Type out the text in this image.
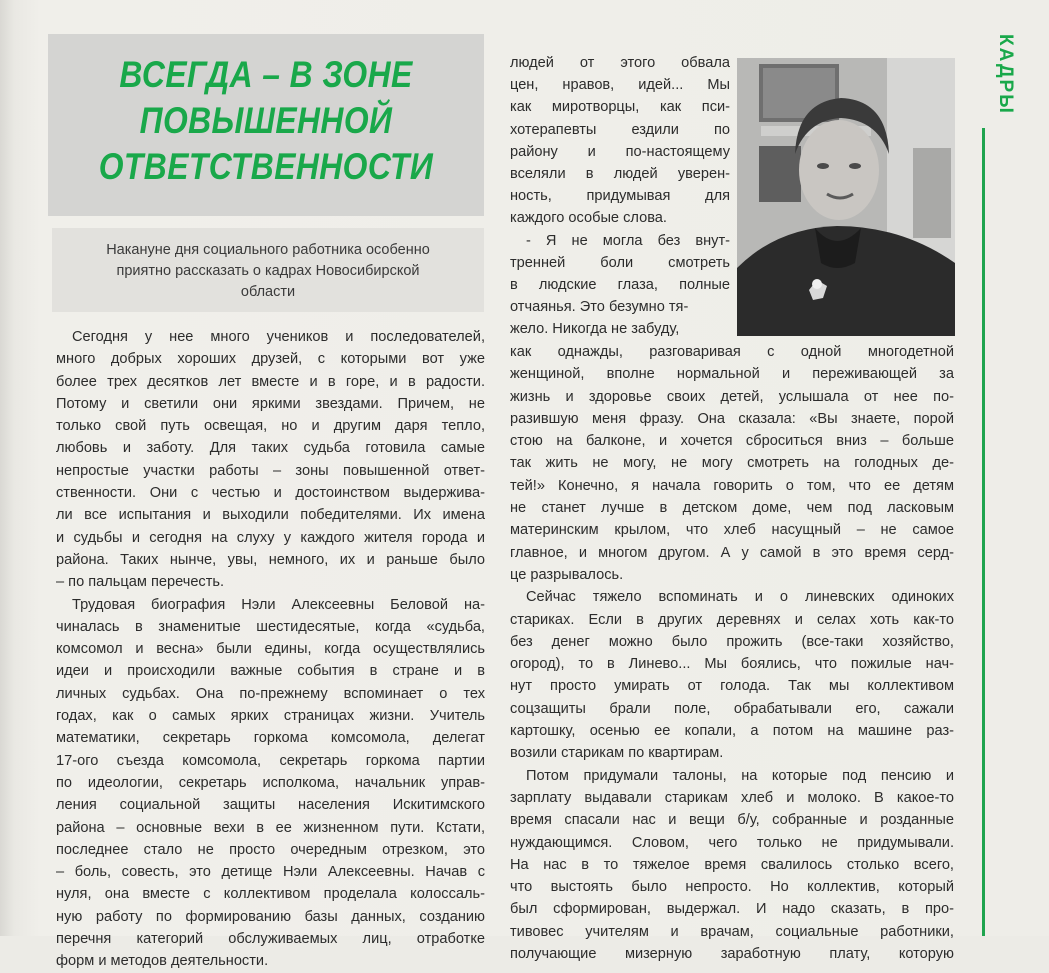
ВСЕГДА – В ЗОНЕ
ПОВЫШЕННОЙ
ОТВЕТСТВЕННОСТИ

Накануне дня социального работника особенно
приятно рассказать о кадрах Новосибирской
области

Сегодня у нее много учеников и последователей,
много добрых хороших друзей, с которыми вот уже
более трех десятков лет вместе и в горе, и в радости.
Потому и светили они яркими звездами. Причем, не
только свой путь освещая, но и другим даря тепло,
любовь и заботу. Для таких судьба готовила самые
непростые участки работы – зоны повышенной ответ-
ственности. Они с честью и достоинством выдержива-
ли все испытания и выходили победителями. Их имена
и судьбы и сегодня на слуху у каждого жителя города и
района. Таких нынче, увы, немного, их и раньше было
– по пальцам перечесть.
Трудовая биография Нэли Алексеевны Беловой на-
чиналась в знаменитые шестидесятые, когда «судьба,
комсомол и весна» были едины, когда осуществлялись
идеи и происходили важные события в стране и в
личных судьбах. Она по-прежнему вспоминает о тех
годах, как о самых ярких страницах жизни. Учитель
математики, секретарь горкома комсомола, делегат
17-ого съезда комсомола, секретарь горкома партии
по идеологии, секретарь исполкома, начальник управ-
ления социальной защиты населения Искитимского
района – основные вехи в ее жизненном пути. Кстати,
последнее стало не просто очередным отрезком, это
– боль, совесть, это детище Нэли Алексеевны. Начав с
нуля, она вместе с коллективом проделала колоссаль-
ную работу по формированию базы данных, созданию
перечня категорий обслуживаемых лиц, отработке
форм и методов деятельности.
людей от этого обвала
цен, нравов, идей... Мы
как миротворцы, как пси-
хотерапевты ездили по
району и по-настоящему
вселяли в людей уверен-
ность, придумывая для
каждого особые слова.
- Я не могла без внут-
тренней боли смотреть
в людские глаза, полные
отчаянья. Это безумно тя-
жело. Никогда не забуду,
как однажды, разговаривая с одной многодетной
женщиной, вполне нормальной и переживающей за
жизнь и здоровье своих детей, услышала от нее по-
разившую меня фразу. Она сказала: «Вы знаете, порой
стою на балконе, и хочется сброситься вниз – больше
так жить не могу, не могу смотреть на голодных де-
тей!» Конечно, я начала говорить о том, что ее детям
не станет лучше в детском доме, чем под ласковым
материнским крылом, что хлеб насущный – не самое
главное, и многом другом. А у самой в это время серд-
це разрывалось.
Сейчас тяжело вспоминать и о линевских одиноких
стариках. Если в других деревнях и селах хоть как-то
без денег можно было прожить (все-таки хозяйство,
огород), то в Линево... Мы боялись, что пожилые нач-
нут просто умирать от голода. Так мы коллективом
соцзащиты брали поле, обрабатывали его, сажали
картошку, осенью ее копали, а потом на машине раз-
возили старикам по квартирам.
Потом придумали талоны, на которые под пенсию и
зарплату выдавали старикам хлеб и молоко. В какое-то
время спасали нас и вещи б/у, собранные и розданные
нуждающимся. Словом, чего только не придумывали.
На нас в то тяжелое время свалилось столько всего,
что выстоять было непросто. Но коллектив, который
был сформирован, выдержал. И надо сказать, в про-
тивовес учителям и врачам, социальные работники,
получающие мизерную заработную плату, которую
КАДРЫ
